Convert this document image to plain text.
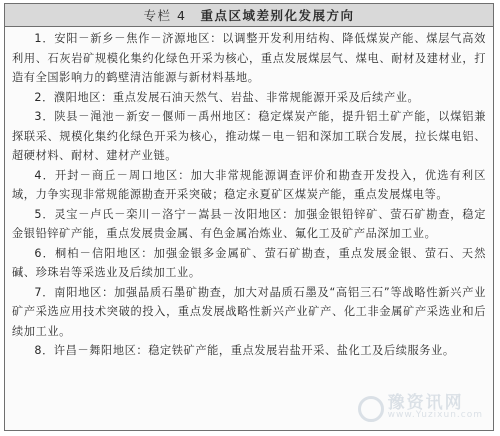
专栏 4 重点区域差别化发展方向

1．安阳－新乡－焦作－济源地区：以调整开发利用结构、降低煤炭产能、煤层气高效利用、石灰岩矿规模化集约化绿色开采为核心，重点发展煤层气、煤电、耐材及建材业，打造有全国影响力的鹤壁清洁能源与新材料基地。

2．濮阳地区：重点发展石油天然气、岩盐、非常规能源开采及后续产业。

3．陕县－渑池－新安－偃师－禹州地区：稳定煤炭产能，提升铝土矿产能，以煤铝兼探联采、规模化集约化绿色开采为核心，推动煤－电－铝和深加工联合发展，拉长煤电铝、超硬材料、耐材、建材产业链。

4．开封－商丘－周口地区：加大非常规能源调查评价和勘查开发投入，优选有利区域，力争实现非常规能源勘查开采突破；稳定永夏矿区煤炭产能，重点发展煤电等。

5．灵宝－卢氏－栾川－洛宁－嵩县－汝阳地区：加强金银铅锌矿、萤石矿勘查，稳定金银铅锌矿产能，重点发展贵金属、有色金属冶炼业、氟化工及矿产品深加工业。

6．桐柏－信阳地区：加强金银多金属矿、萤石矿勘查，重点发展金银、萤石、天然碱、珍珠岩等采选业及后续加工业。

7．南阳地区：加强晶质石墨矿勘查，加大对晶质石墨及“高铝三石”等战略性新兴产业矿产采选应用技术突破的投入，重点发展战略性新兴产业矿产、化工非金属矿产采选业和后续加工业。

8．许昌－舞阳地区：稳定铁矿产能，重点发展岩盐开采、盐化工及后续服务业。

豫资讯网
www.Yuzixun.com
